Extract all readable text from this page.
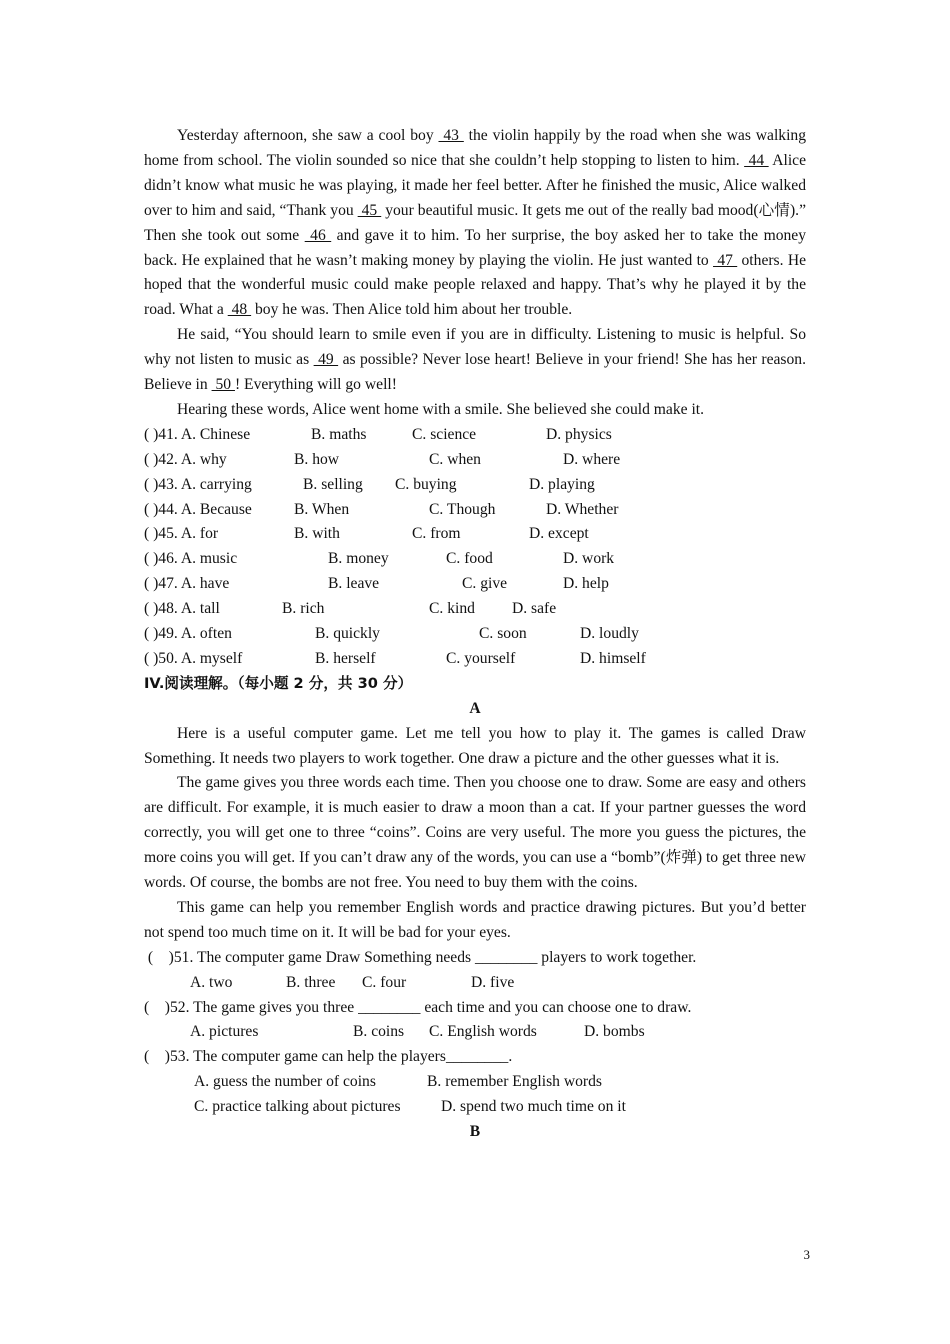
Yesterday afternoon, she saw a cool boy  43  the violin happily by the road when she was walking home from school. The violin sounded so nice that she couldn’t help stopping to listen to him.  44  Alice didn’t know what music he was playing, it made her feel better. After he finished the music, Alice walked over to him and said, “Thank you  45  your beautiful music. It gets me out of the really bad mood(心情).” Then she took out some  46  and gave it to him. To her surprise, the boy asked her to take the money back. He explained that he wasn’t making money by playing the violin. He just wanted to  47  others. He hoped that the wonderful music could make people relaxed and happy. That’s why he played it by the road. What a  48  boy he was. Then Alice told him about her trouble.

He said, “You should learn to smile even if you are in difficulty. Listening to music is helpful. So why not listen to music as  49  as possible? Never lose heart! Believe in your friend! She has her reason. Believe in  50 ! Everything will go well!

Hearing these words, Alice went home with a smile. She believed she could make it.

( )41. A. Chinese	B. maths	C. science	D. physics
( )42. A. why	B. how	C. when	D. where
( )43. A. carrying	B. selling C. buying	D. playing
( )44. A. Because	B. When	C. Though	D. Whether
( )45. A. for	B. with	C. from	D. except
( )46. A. music	B. money	C. food	D. work
( )47. A. have	B. leave	C. give	D. help
( )48. A. tall	B. rich	C. kind D. safe
( )49. A. often	B. quickly	C. soon	D. loudly
( )50. A. myself	B. herself	C. yourself	D. himself

IV.阅读理解。（每小题 2 分，共 30 分）

A

Here is a useful computer game. Let me tell you how to play it. The games is called Draw Something. It needs two players to work together. One draw a picture and the other guesses what it is.

The game gives you three words each time. Then you choose one to draw. Some are easy and others are difficult. For example, it is much easier to draw a moon than a cat. If your partner guesses the word correctly, you will get one to three “coins”. Coins are very useful. The more you guess the pictures, the more coins you will get. If you can’t draw any of the words, you can use a “bomb”(炸弹) to get three new words. Of course, the bombs are not free. You need to buy them with the coins.

This game can help you remember English words and practice drawing pictures. But you’d better not spend too much time on it. It will be bad for your eyes.

(    )51. The computer game Draw Something needs ________ players to work together.
A. two	B. three C. four	D. five
(    )52. The game gives you three ________ each time and you can choose one to draw.
A. pictures	B. coins C. English words	D. bombs
(    )53. The computer game can help the players________.
A. guess the number of coins	B. remember English words
C. practice talking about pictures	D. spend two much time on it

B

3
